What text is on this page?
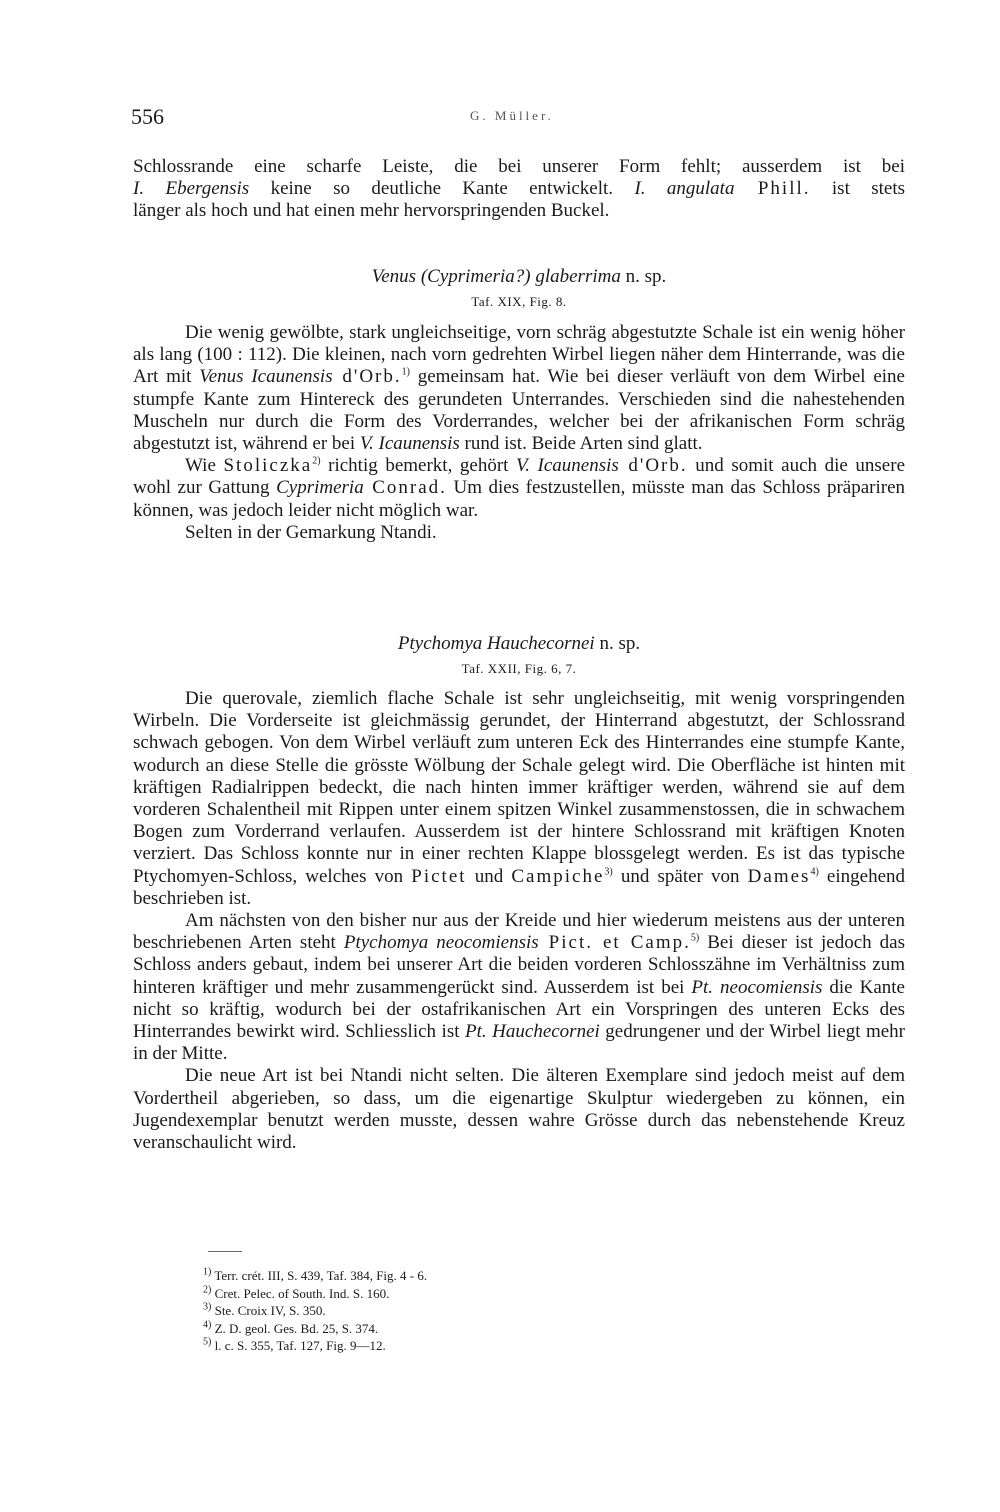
556	G. Müller.
Schlossrande eine scharfe Leiste, die bei unserer Form fehlt; ausserdem ist bei
I. Ebergensis keine so deutliche Kante entwickelt. I. angulata Phill. ist stets
länger als hoch und hat einen mehr hervorspringenden Buckel.
Venus (Cyprimeria?) glaberrima n. sp.
Taf. XIX, Fig. 8.

Die wenig gewölbte, stark ungleichseitige, vorn schräg abgestutzte Schale ist ein wenig höher als lang (100 : 112). Die kleinen, nach vorn gedrehten Wirbel liegen näher dem Hinterrande, was die Art mit Venus Icaunensis d'Orb.$^{1)}$ gemeinsam hat. Wie bei dieser verläuft von dem Wirbel eine stumpfe Kante zum Hintereck des gerundeten Unterrandes. Verschieden sind die nahestehenden Muscheln nur durch die Form des Vorderrandes, welcher bei der afrikanischen Form schräg abgestutzt ist, während er bei V. Icaunensis rund ist. Beide Arten sind glatt.

Wie Stoliczka$^{2)}$ richtig bemerkt, gehört V. Icaunensis d'Orb. und somit auch die unsere wohl zur Gattung Cyprimeria Conrad. Um dies festzustellen, müsste man das Schloss präpariren können, was jedoch leider nicht möglich war.

Selten in der Gemarkung Ntandi.

Ptychomya Hauchecornei n. sp.
Taf. XXII, Fig. 6, 7.

Die querovale, ziemlich flache Schale ist sehr ungleichseitig, mit wenig vorspringenden Wirbeln. Die Vorderseite ist gleichmässig gerundet, der Hinterrand abgestutzt, der Schlossrand schwach gebogen. Von dem Wirbel verläuft zum unteren Eck des Hinterrandes eine stumpfe Kante, wodurch an diese Stelle die grösste Wölbung der Schale gelegt wird. Die Oberfläche ist hinten mit kräftigen Radialrippen bedeckt, die nach hinten immer kräftiger werden, während sie auf dem vorderen Schalentheil mit Rippen unter einem spitzen Winkel zusammenstossen, die in schwachem Bogen zum Vorderrand verlaufen. Ausserdem ist der hintere Schlossrand mit kräftigen Knoten verziert. Das Schloss konnte nur in einer rechten Klappe blossgelegt werden. Es ist das typische Ptychomyen-Schloss, welches von Pictet und Campiche$^{3)}$ und später von Dames$^{4)}$ eingehend beschrieben ist.

Am nächsten von den bisher nur aus der Kreide und hier wiederum meistens aus der unteren beschriebenen Arten steht Ptychomya neocomiensis Pict. et Camp.$^{5)}$ Bei dieser ist jedoch das Schloss anders gebaut, indem bei unserer Art die beiden vorderen Schlosszähne im Verhältniss zum hinteren kräftiger und mehr zusammengerückt sind. Ausserdem ist bei Pt. neocomiensis die Kante nicht so kräftig, wodurch bei der ostafrikanischen Art ein Vorspringen des unteren Ecks des Hinterrandes bewirkt wird. Schliesslich ist Pt. Hauchecornei gedrungener und der Wirbel liegt mehr in der Mitte.

Die neue Art ist bei Ntandi nicht selten. Die älteren Exemplare sind jedoch meist auf dem Vordertheil abgerieben, so dass, um die eigenartige Skulptur wiedergeben zu können, ein Jugendexemplar benutzt werden musste, dessen wahre Grösse durch das nebenstehende Kreuz veranschaulicht wird.

$^{1)}$ Terr. crét. III, S. 439, Taf. 384, Fig. 4 - 6.
$^{2)}$ Cret. Pelec. of South. Ind. S. 160.
$^{3)}$ Ste. Croix IV, S. 350.
$^{4)}$ Z. D. geol. Ges. Bd. 25, S. 374.
$^{5)}$ l. c. S. 355, Taf. 127, Fig. 9—12.
